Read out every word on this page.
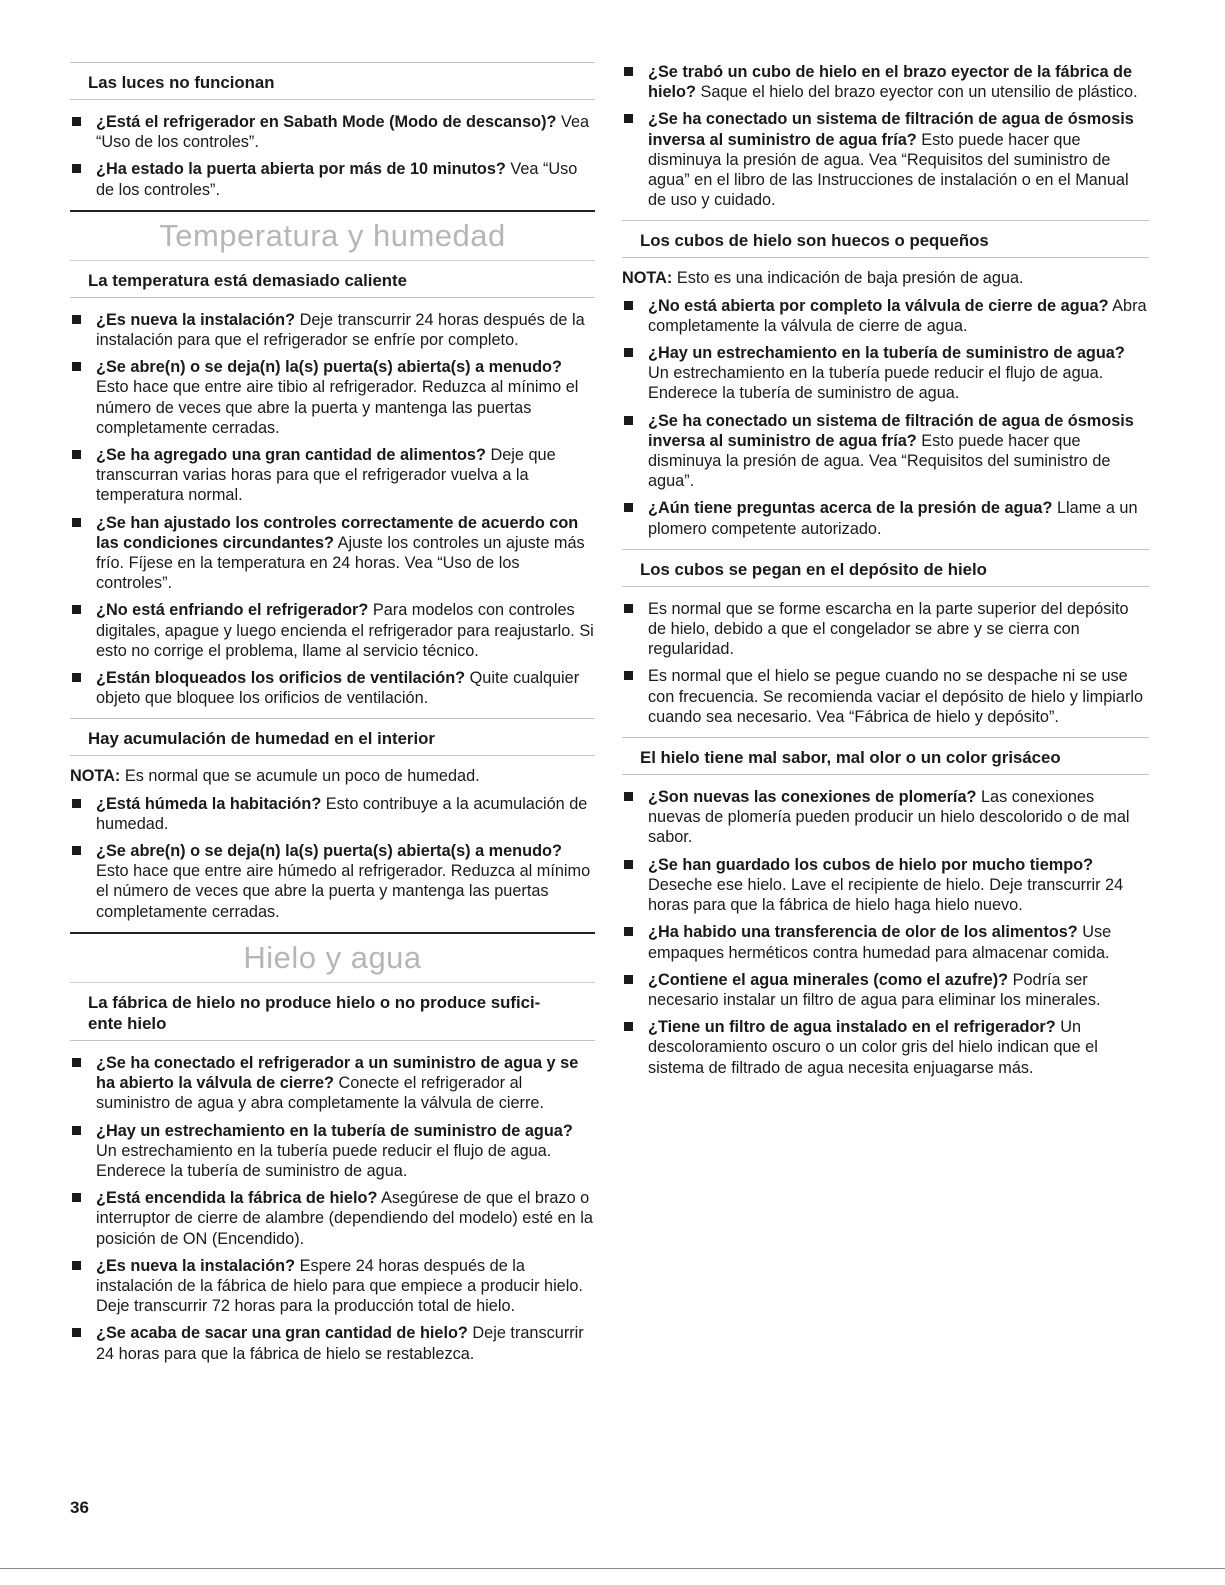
Las luces no funcionan
¿Está el refrigerador en Sabath Mode (Modo de descanso)? Vea “Uso de los controles”.
¿Ha estado la puerta abierta por más de 10 minutos? Vea “Uso de los controles”.
Temperatura y humedad
La temperatura está demasiado caliente
¿Es nueva la instalación? Deje transcurrir 24 horas después de la instalación para que el refrigerador se enfríe por completo.
¿Se abre(n) o se deja(n) la(s) puerta(s) abierta(s) a menudo? Esto hace que entre aire tibio al refrigerador. Reduzca al mínimo el número de veces que abre la puerta y mantenga las puertas completamente cerradas.
¿Se ha agregado una gran cantidad de alimentos? Deje que transcurran varias horas para que el refrigerador vuelva a la temperatura normal.
¿Se han ajustado los controles correctamente de acuerdo con las condiciones circundantes? Ajuste los controles un ajuste más frío. Fíjese en la temperatura en 24 horas. Vea “Uso de los controles”.
¿No está enfriando el refrigerador? Para modelos con controles digitales, apague y luego encienda el refrigerador para reajustarlo. Si esto no corrige el problema, llame al servicio técnico.
¿Están bloqueados los orificios de ventilación? Quite cualquier objeto que bloquee los orificios de ventilación.
Hay acumulación de humedad en el interior
NOTA: Es normal que se acumule un poco de humedad.
¿Está húmeda la habitación? Esto contribuye a la acumulación de humedad.
¿Se abre(n) o se deja(n) la(s) puerta(s) abierta(s) a menudo? Esto hace que entre aire húmedo al refrigerador. Reduzca al mínimo el número de veces que abre la puerta y mantenga las puertas completamente cerradas.
Hielo y agua
La fábrica de hielo no produce hielo o no produce sufici- ente hielo
¿Se ha conectado el refrigerador a un suministro de agua y se ha abierto la válvula de cierre? Conecte el refrigerador al suministro de agua y abra completamente la válvula de cierre.
¿Hay un estrechamiento en la tubería de suministro de agua? Un estrechamiento en la tubería puede reducir el flujo de agua. Enderece la tubería de suministro de agua.
¿Está encendida la fábrica de hielo? Asegúrese de que el brazo o interruptor de cierre de alambre (dependiendo del modelo) esté en la posición de ON (Encendido).
¿Es nueva la instalación? Espere 24 horas después de la instalación de la fábrica de hielo para que empiece a producir hielo. Deje transcurrir 72 horas para la producción total de hielo.
¿Se acaba de sacar una gran cantidad de hielo? Deje transcurrir 24 horas para que la fábrica de hielo se restablezca.
¿Se trabó un cubo de hielo en el brazo eyector de la fábrica de hielo? Saque el hielo del brazo eyector con un utensilio de plástico.
¿Se ha conectado un sistema de filtración de agua de ósmosis inversa al suministro de agua fría? Esto puede hacer que disminuya la presión de agua. Vea “Requisitos del suministro de agua” en el libro de las Instrucciones de instalación o en el Manual de uso y cuidado.
Los cubos de hielo son huecos o pequeños
NOTA: Esto es una indicación de baja presión de agua.
¿No está abierta por completo la válvula de cierre de agua? Abra completamente la válvula de cierre de agua.
¿Hay un estrechamiento en la tubería de suministro de agua? Un estrechamiento en la tubería puede reducir el flujo de agua. Enderece la tubería de suministro de agua.
¿Se ha conectado un sistema de filtración de agua de ósmosis inversa al suministro de agua fría? Esto puede hacer que disminuya la presión de agua. Vea “Requisitos del suministro de agua”.
¿Aún tiene preguntas acerca de la presión de agua? Llame a un plomero competente autorizado.
Los cubos se pegan en el depósito de hielo
Es normal que se forme escarcha en la parte superior del depósito de hielo, debido a que el congelador se abre y se cierra con regularidad.
Es normal que el hielo se pegue cuando no se despache ni se use con frecuencia. Se recomienda vaciar el depósito de hielo y limpiarlo cuando sea necesario. Vea “Fábrica de hielo y depósito”.
El hielo tiene mal sabor, mal olor o un color grisáceo
¿Son nuevas las conexiones de plomería? Las conexiones nuevas de plomería pueden producir un hielo descolorido o de mal sabor.
¿Se han guardado los cubos de hielo por mucho tiempo? Deseche ese hielo. Lave el recipiente de hielo. Deje transcurrir 24 horas para que la fábrica de hielo haga hielo nuevo.
¿Ha habido una transferencia de olor de los alimentos? Use empaques herméticos contra humedad para almacenar comida.
¿Contiene el agua minerales (como el azufre)? Podría ser necesario instalar un filtro de agua para eliminar los minerales.
¿Tiene un filtro de agua instalado en el refrigerador? Un descoloramiento oscuro o un color gris del hielo indican que el sistema de filtrado de agua necesita enjuagarse más.
36
